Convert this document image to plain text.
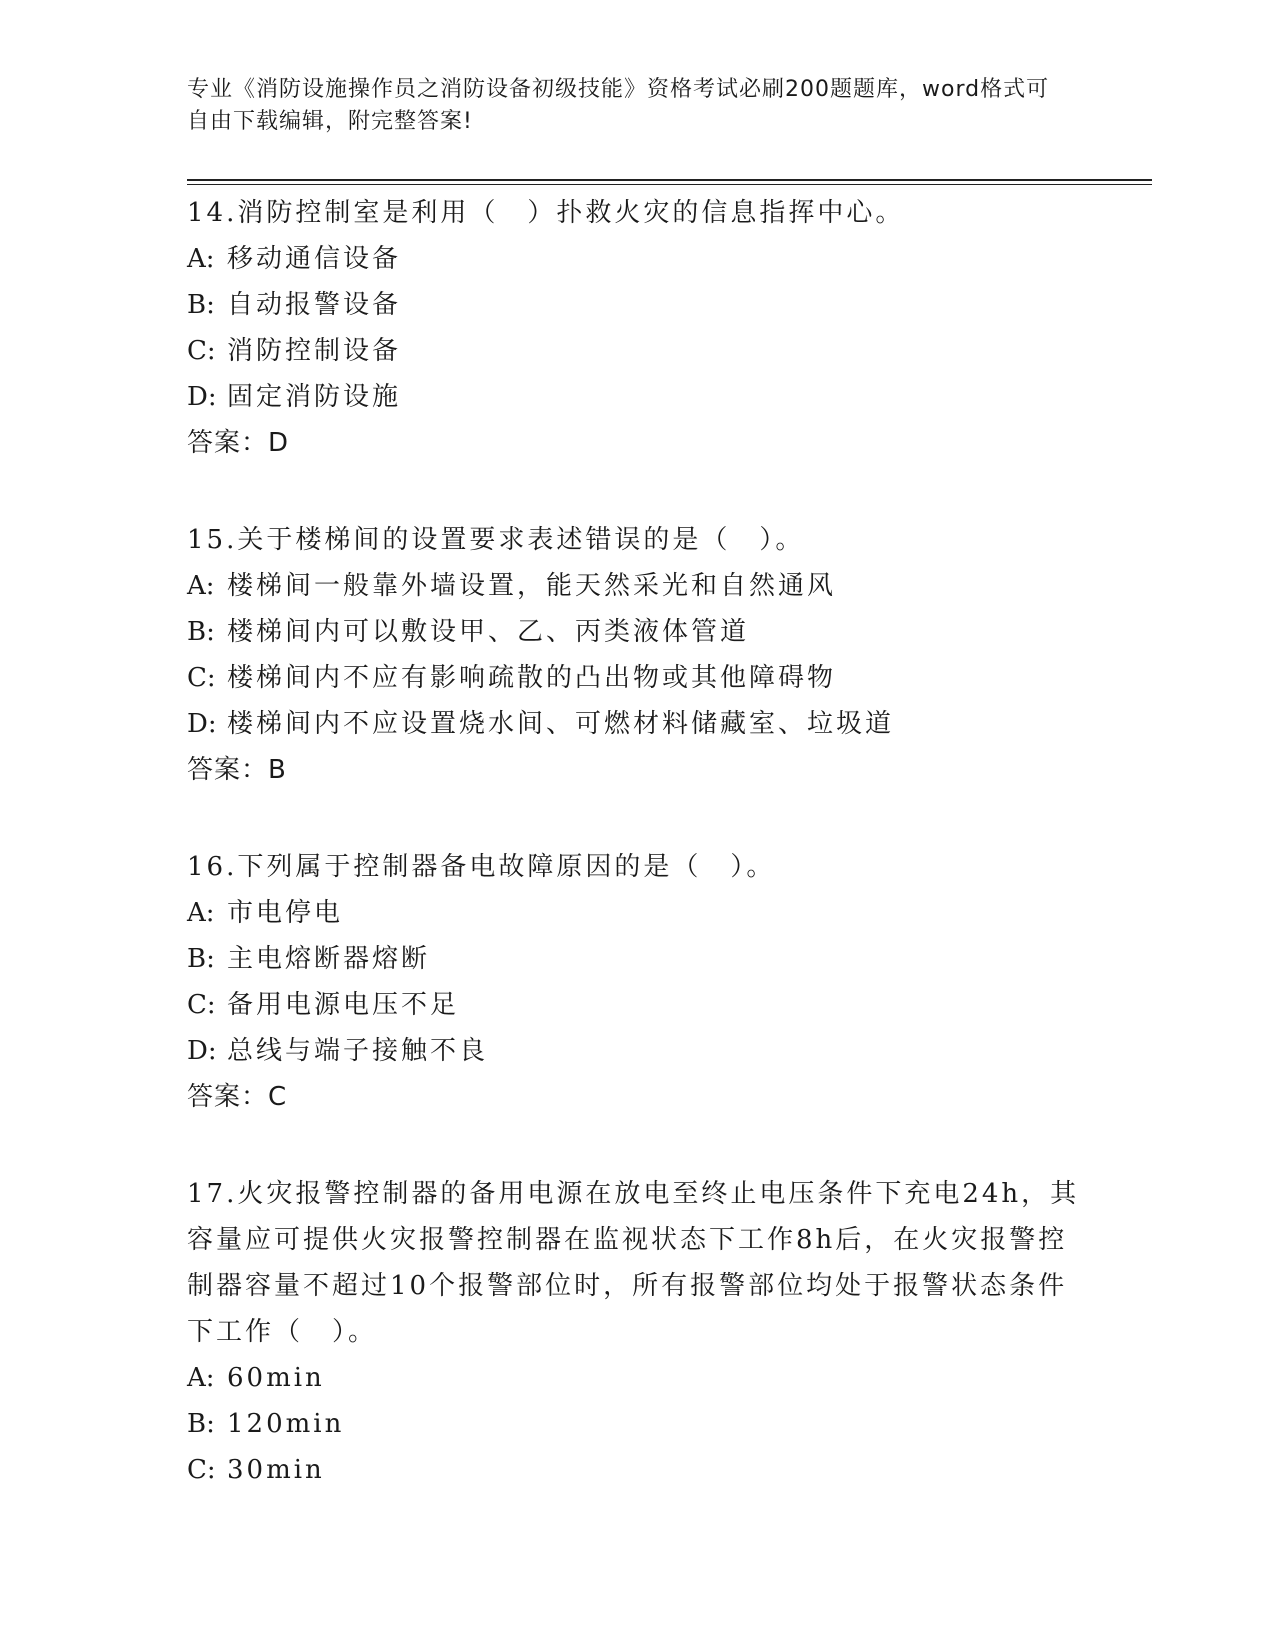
专业《消防设施操作员之消防设备初级技能》资格考试必刷200题题库，word格式可自由下载编辑，附完整答案!
14.消防控制室是利用（　）扑救火灾的信息指挥中心。
A: 移动通信设备
B: 自动报警设备
C: 消防控制设备
D: 固定消防设施
答案：D
15.关于楼梯间的设置要求表述错误的是（　）。
A: 楼梯间一般靠外墙设置，能天然采光和自然通风
B: 楼梯间内可以敷设甲、乙、丙类液体管道
C: 楼梯间内不应有影响疏散的凸出物或其他障碍物
D: 楼梯间内不应设置烧水间、可燃材料储藏室、垃圾道
答案：B
16.下列属于控制器备电故障原因的是（　）。
A: 市电停电
B: 主电熔断器熔断
C: 备用电源电压不足
D: 总线与端子接触不良
答案：C
17.火灾报警控制器的备用电源在放电至终止电压条件下充电24h，其容量应可提供火灾报警控制器在监视状态下工作8h后，在火灾报警控制器容量不超过10个报警部位时，所有报警部位均处于报警状态条件下工作（　）。
A: 60min
B: 120min
C: 30min
